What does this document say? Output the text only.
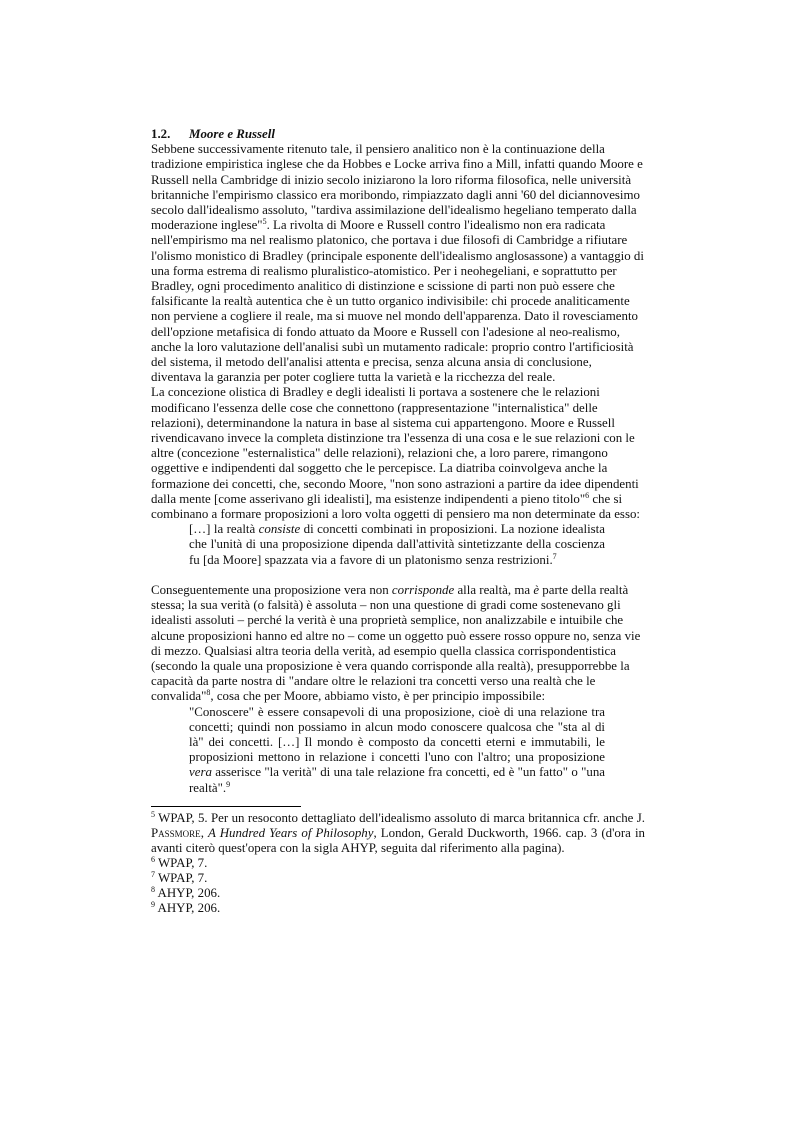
1.2. Moore e Russell

Sebbene successivamente ritenuto tale, il pensiero analitico non è la continuazione della tradizione empiristica inglese che da Hobbes e Locke arriva fino a Mill, infatti quando Moore e Russell nella Cambridge di inizio secolo iniziarono la loro riforma filosofica, nelle università britanniche l'empirismo classico era moribondo, rimpiazzato dagli anni '60 del diciannovesimo secolo dall'idealismo assoluto, "tardiva assimilazione dell'idealismo hegeliano temperato dalla moderazione inglese"$^5$. La rivolta di Moore e Russell contro l'idealismo non era radicata nell'empirismo ma nel realismo platonico, che portava i due filosofi di Cambridge a rifiutare l'olismo monistico di Bradley (principale esponente dell'idealismo anglosassone) a vantaggio di una forma estrema di realismo pluralistico-atomistico. Per i neohegeliani, e soprattutto per Bradley, ogni procedimento analitico di distinzione e scissione di parti non può essere che falsificante la realtà autentica che è un tutto organico indivisibile: chi procede analiticamente non perviene a cogliere il reale, ma si muove nel mondo dell'apparenza. Dato il rovesciamento dell'opzione metafisica di fondo attuato da Moore e Russell con l'adesione al neo-realismo, anche la loro valutazione dell'analisi subì un mutamento radicale: proprio contro l'artificiosità del sistema, il metodo dell'analisi attenta e precisa, senza alcuna ansia di conclusione, diventava la garanzia per poter cogliere tutta la varietà e la ricchezza del reale.

La concezione olistica di Bradley e degli idealisti li portava a sostenere che le relazioni modificano l'essenza delle cose che connettono (rappresentazione "internalistica" delle relazioni), determinandone la natura in base al sistema cui appartengono. Moore e Russell rivendicavano invece la completa distinzione tra l'essenza di una cosa e le sue relazioni con le altre (concezione "esternalistica" delle relazioni), relazioni che, a loro parere, rimangono oggettive e indipendenti dal soggetto che le percepisce. La diatriba coinvolgeva anche la formazione dei concetti, che, secondo Moore, "non sono astrazioni a partire da idee dipendenti dalla mente [come asserivano gli idealisti], ma esistenze indipendenti a pieno titolo"$^6$ che si combinano a formare proposizioni a loro volta oggetti di pensiero ma non determinate da esso:

[…] la realtà consiste di concetti combinati in proposizioni. La nozione idealista che l'unità di una proposizione dipenda dall'attività sintetizzante della coscienza fu [da Moore] spazzata via a favore di un platonismo senza restrizioni.$^7$

Conseguentemente una proposizione vera non corrisponde alla realtà, ma è parte della realtà stessa; la sua verità (o falsità) è assoluta – non una questione di gradi come sostenevano gli idealisti assoluti – perché la verità è una proprietà semplice, non analizzabile e intuibile che alcune proposizioni hanno ed altre no – come un oggetto può essere rosso oppure no, senza vie di mezzo. Qualsiasi altra teoria della verità, ad esempio quella classica corrispondentistica (secondo la quale una proposizione è vera quando corrisponde alla realtà), presupporrebbe la capacità da parte nostra di "andare oltre le relazioni tra concetti verso una realtà che le convalida"$^8$, cosa che per Moore, abbiamo visto, è per principio impossibile:

"Conoscere" è essere consapevoli di una proposizione, cioè di una relazione tra concetti; quindi non possiamo in alcun modo conoscere qualcosa che "sta al di là" dei concetti. […] Il mondo è composto da concetti eterni e immutabili, le proposizioni mettono in relazione i concetti l'uno con l'altro; una proposizione vera asserisce "la verità" di una tale relazione fra concetti, ed è "un fatto" o "una realtà".$^9$

$^5$ WPAP, 5. Per un resoconto dettagliato dell'idealismo assoluto di marca britannica cfr. anche J. Passmore, A Hundred Years of Philosophy, London, Gerald Duckworth, 1966. cap. 3 (d'ora in avanti citerò quest'opera con la sigla AHYP, seguita dal riferimento alla pagina).

$^6$ WPAP, 7.

$^7$ WPAP, 7.

$^8$ AHYP, 206.

$^9$ AHYP, 206.
